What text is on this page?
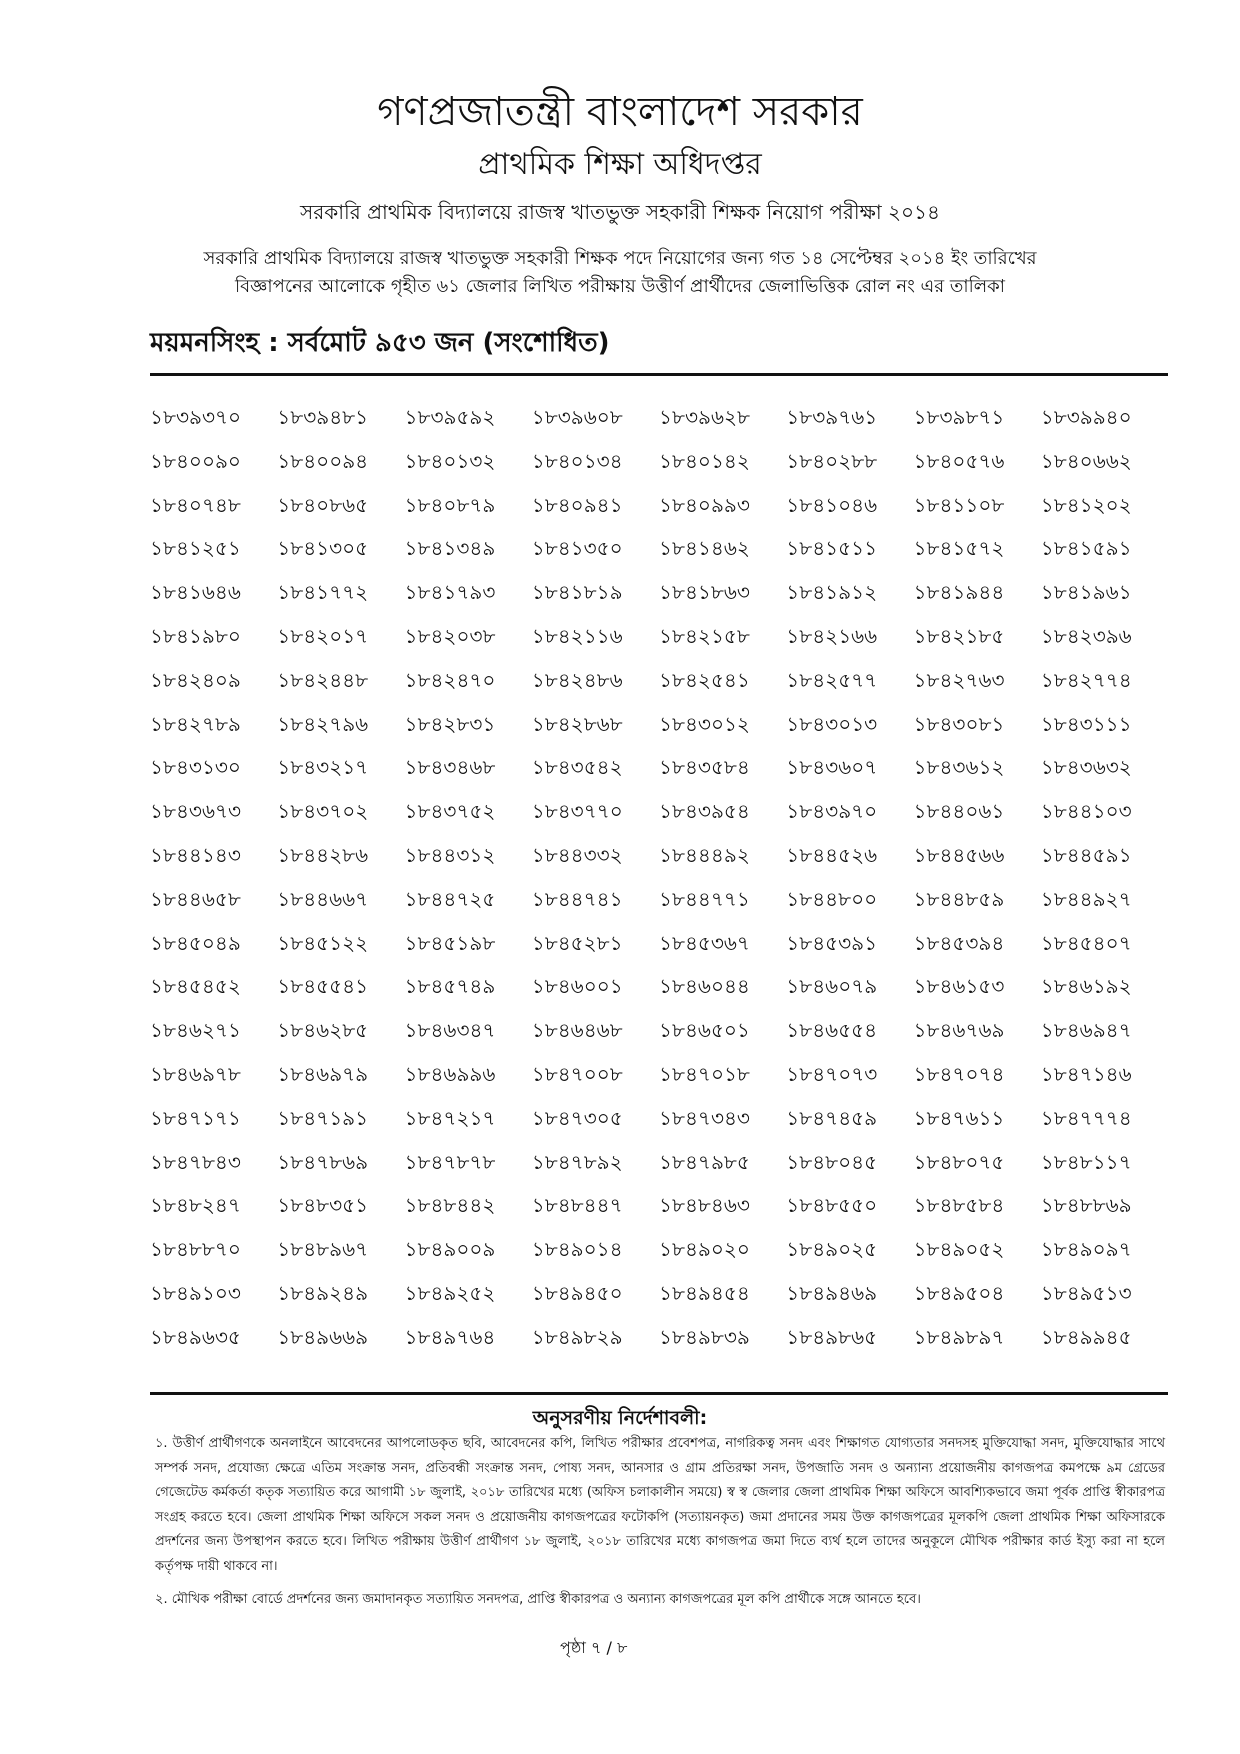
গণপ্রজাতন্ত্রী বাংলাদেশ সরকার
প্রাথমিক শিক্ষা অধিদপ্তর
সরকারি প্রাথমিক বিদ্যালয়ে রাজস্ব খাতভুক্ত সহকারী শিক্ষক নিয়োগ পরীক্ষা ২০১৪
সরকারি প্রাথমিক বিদ্যালয়ে রাজস্ব খাতভুক্ত সহকারী শিক্ষক পদে নিয়োগের জন্য গত ১৪ সেপ্টেম্বর ২০১৪ ইং তারিখের
বিজ্ঞাপনের আলোকে গৃহীত ৬১ জেলার লিখিত পরীক্ষায় উত্তীর্ণ প্রার্থীদের জেলাভিত্তিক রোল নং এর তালিকা
ময়মনসিংহ : সর্বমোট ৯৫৩ জন (সংশোধিত)
১৮৩৯৩৭০	১৮৩৯৪৮১	১৮৩৯৫৯২	১৮৩৯৬০৮	১৮৩৯৬২৮	১৮৩৯৭৬১	১৮৩৯৮৭১	১৮৩৯৯৪০
১৮৪০০৯০	১৮৪০০৯৪	১৮৪০১৩২	১৮৪০১৩৪	১৮৪০১৪২	১৮৪০২৮৮	১৮৪০৫৭৬	১৮৪০৬৬২
১৮৪০৭৪৮	১৮৪০৮৬৫	১৮৪০৮৭৯	১৮৪০৯৪১	১৮৪০৯৯৩	১৮৪১০৪৬	১৮৪১১০৮	১৮৪১২০২
১৮৪১২৫১	১৮৪১৩০৫	১৮৪১৩৪৯	১৮৪১৩৫০	১৮৪১৪৬২	১৮৪১৫১১	১৮৪১৫৭২	১৮৪১৫৯১
১৮৪১৬৪৬	১৮৪১৭৭২	১৮৪১৭৯৩	১৮৪১৮১৯	১৮৪১৮৬৩	১৮৪১৯১২	১৮৪১৯৪৪	১৮৪১৯৬১
১৮৪১৯৮০	১৮৪২০১৭	১৮৪২০৩৮	১৮৪২১১৬	১৮৪২১৫৮	১৮৪২১৬৬	১৮৪২১৮৫	১৮৪২৩৯৬
১৮৪২৪০৯	১৮৪২৪৪৮	১৮৪২৪৭০	১৮৪২৪৮৬	১৮৪২৫৪১	১৮৪২৫৭৭	১৮৪২৭৬৩	১৮৪২৭৭৪
১৮৪২৭৮৯	১৮৪২৭৯৬	১৮৪২৮৩১	১৮৪২৮৬৮	১৮৪৩০১২	১৮৪৩০১৩	১৮৪৩০৮১	১৮৪৩১১১
১৮৪৩১৩০	১৮৪৩২১৭	১৮৪৩৪৬৮	১৮৪৩৫৪২	১৮৪৩৫৮৪	১৮৪৩৬০৭	১৮৪৩৬১২	১৮৪৩৬৩২
১৮৪৩৬৭৩	১৮৪৩৭০২	১৮৪৩৭৫২	১৮৪৩৭৭০	১৮৪৩৯৫৪	১৮৪৩৯৭০	১৮৪৪০৬১	১৮৪৪১০৩
১৮৪৪১৪৩	১৮৪৪২৮৬	১৮৪৪৩১২	১৮৪৪৩৩২	১৮৪৪৪৯২	১৮৪৪৫২৬	১৮৪৪৫৬৬	১৮৪৪৫৯১
১৮৪৪৬৫৮	১৮৪৪৬৬৭	১৮৪৪৭২৫	১৮৪৪৭৪১	১৮৪৪৭৭১	১৮৪৪৮০০	১৮৪৪৮৫৯	১৮৪৪৯২৭
১৮৪৫০৪৯	১৮৪৫১২২	১৮৪৫১৯৮	১৮৪৫২৮১	১৮৪৫৩৬৭	১৮৪৫৩৯১	১৮৪৫৩৯৪	১৮৪৫৪০৭
১৮৪৫৪৫২	১৮৪৫৫৪১	১৮৪৫৭৪৯	১৮৪৬০০১	১৮৪৬০৪৪	১৮৪৬০৭৯	১৮৪৬১৫৩	১৮৪৬১৯২
১৮৪৬২৭১	১৮৪৬২৮৫	১৮৪৬৩৪৭	১৮৪৬৪৬৮	১৮৪৬৫০১	১৮৪৬৫৫৪	১৮৪৬৭৬৯	১৮৪৬৯৪৭
১৮৪৬৯৭৮	১৮৪৬৯৭৯	১৮৪৬৯৯৬	১৮৪৭০০৮	১৮৪৭০১৮	১৮৪৭০৭৩	১৮৪৭০৭৪	১৮৪৭১৪৬
১৮৪৭১৭১	১৮৪৭১৯১	১৮৪৭২১৭	১৮৪৭৩০৫	১৮৪৭৩৪৩	১৮৪৭৪৫৯	১৮৪৭৬১১	১৮৪৭৭৭৪
১৮৪৭৮৪৩	১৮৪৭৮৬৯	১৮৪৭৮৭৮	১৮৪৭৮৯২	১৮৪৭৯৮৫	১৮৪৮০৪৫	১৮৪৮০৭৫	১৮৪৮১১৭
১৮৪৮২৪৭	১৮৪৮৩৫১	১৮৪৮৪৪২	১৮৪৮৪৪৭	১৮৪৮৪৬৩	১৮৪৮৫৫০	১৮৪৮৫৮৪	১৮৪৮৮৬৯
১৮৪৮৮৭০	১৮৪৮৯৬৭	১৮৪৯০০৯	১৮৪৯০১৪	১৮৪৯০২০	১৮৪৯০২৫	১৮৪৯০৫২	১৮৪৯০৯৭
১৮৪৯১০৩	১৮৪৯২৪৯	১৮৪৯২৫২	১৮৪৯৪৫০	১৮৪৯৪৫৪	১৮৪৯৪৬৯	১৮৪৯৫০৪	১৮৪৯৫১৩
১৮৪৯৬৩৫	১৮৪৯৬৬৯	১৮৪৯৭৬৪	১৮৪৯৮২৯	১৮৪৯৮৩৯	১৮৪৯৮৬৫	১৮৪৯৮৯৭	১৮৪৯৯৪৫
অনুসরণীয় নির্দেশাবলী:
১. উত্তীর্ণ প্রার্থীগণকে অনলাইনে আবেদনের আপলোডকৃত ছবি, আবেদনের কপি, লিখিত পরীক্ষার প্রবেশপত্র, নাগরিকত্ব সনদ এবং শিক্ষাগত যোগ্যতার সনদসহ মুক্তিযোদ্ধা সনদ, মুক্তিযোদ্ধার সাথে সম্পর্ক সনদ, প্রযোজ্য ক্ষেত্রে এতিম সংক্রান্ত সনদ, প্রতিবন্ধী সংক্রান্ত সনদ, পোষ্য সনদ, আনসার ও গ্রাম প্রতিরক্ষা সনদ, উপজাতি সনদ ও অন্যান্য প্রয়োজনীয় কাগজপত্র কমপক্ষে ৯ম গ্রেডের গেজেটেড কর্মকর্তা কতৃক সত্যায়িত করে আগামী ১৮ জুলাই, ২০১৮ তারিখের মধ্যে (অফিস চলাকালীন সময়ে) স্ব স্ব জেলার জেলা প্রাথমিক শিক্ষা অফিসে আবশ্যিকভাবে জমা পূর্বক প্রাপ্তি স্বীকারপত্র সংগ্রহ করতে হবে। জেলা প্রাথমিক শিক্ষা অফিসে সকল সনদ ও প্রয়োজনীয় কাগজপত্রের ফটোকপি (সত্যায়নকৃত) জমা প্রদানের সময় উক্ত কাগজপত্রের মূলকপি জেলা প্রাথমিক শিক্ষা অফিসারকে প্রদর্শনের জন্য উপস্থাপন করতে হবে। লিখিত পরীক্ষায় উত্তীর্ণ প্রার্থীগণ ১৮ জুলাই, ২০১৮ তারিখের মধ্যে কাগজপত্র জমা দিতে ব্যর্থ হলে তাদের অনুকূলে মৌখিক পরীক্ষার কার্ড ইস্যু করা না হলে কর্তৃপক্ষ দায়ী থাকবে না।
২. মৌখিক পরীক্ষা বোর্ডে প্রদর্শনের জন্য জমাদানকৃত সত্যায়িত সনদপত্র, প্রাপ্তি স্বীকারপত্র ও অন্যান্য কাগজপত্রের মূল কপি প্রার্থীকে সঙ্গে আনতে হবে।
পৃষ্ঠা ৭ / ৮
